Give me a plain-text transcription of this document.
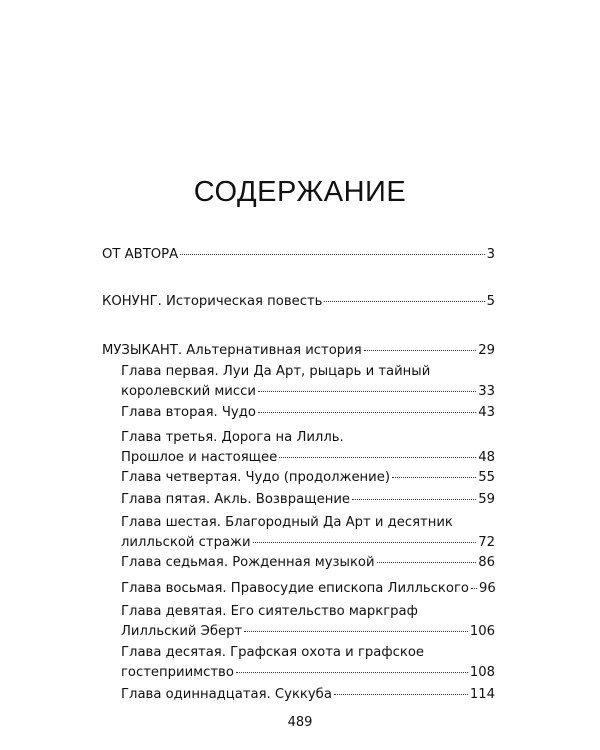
СОДЕРЖАНИЕ
ОТ АВТОРА	3
КОНУНГ. Историческая повесть	5
МУЗЫКАНТ. Альтернативная история	29
Глава первая. Луи Да Арт, рыцарь и тайный
королевский мисси	33
Глава вторая. Чудо	43
Глава третья. Дорога на Лилль.
Прошлое и настоящее	48
Глава четвертая. Чудо (продолжение)	55
Глава пятая. Акль. Возвращение	59
Глава шестая. Благородный Да Арт и десятник
лилльской стражи	72
Глава седьмая. Рожденная музыкой	86
Глава восьмая. Правосудие епископа Лилльского 96
Глава девятая. Его сиятельство маркграф
Лилльский Эберт	106
Глава десятая. Графская охота и графское
гостеприимство	108
Глава одиннадцатая. Суккуба	114
489
